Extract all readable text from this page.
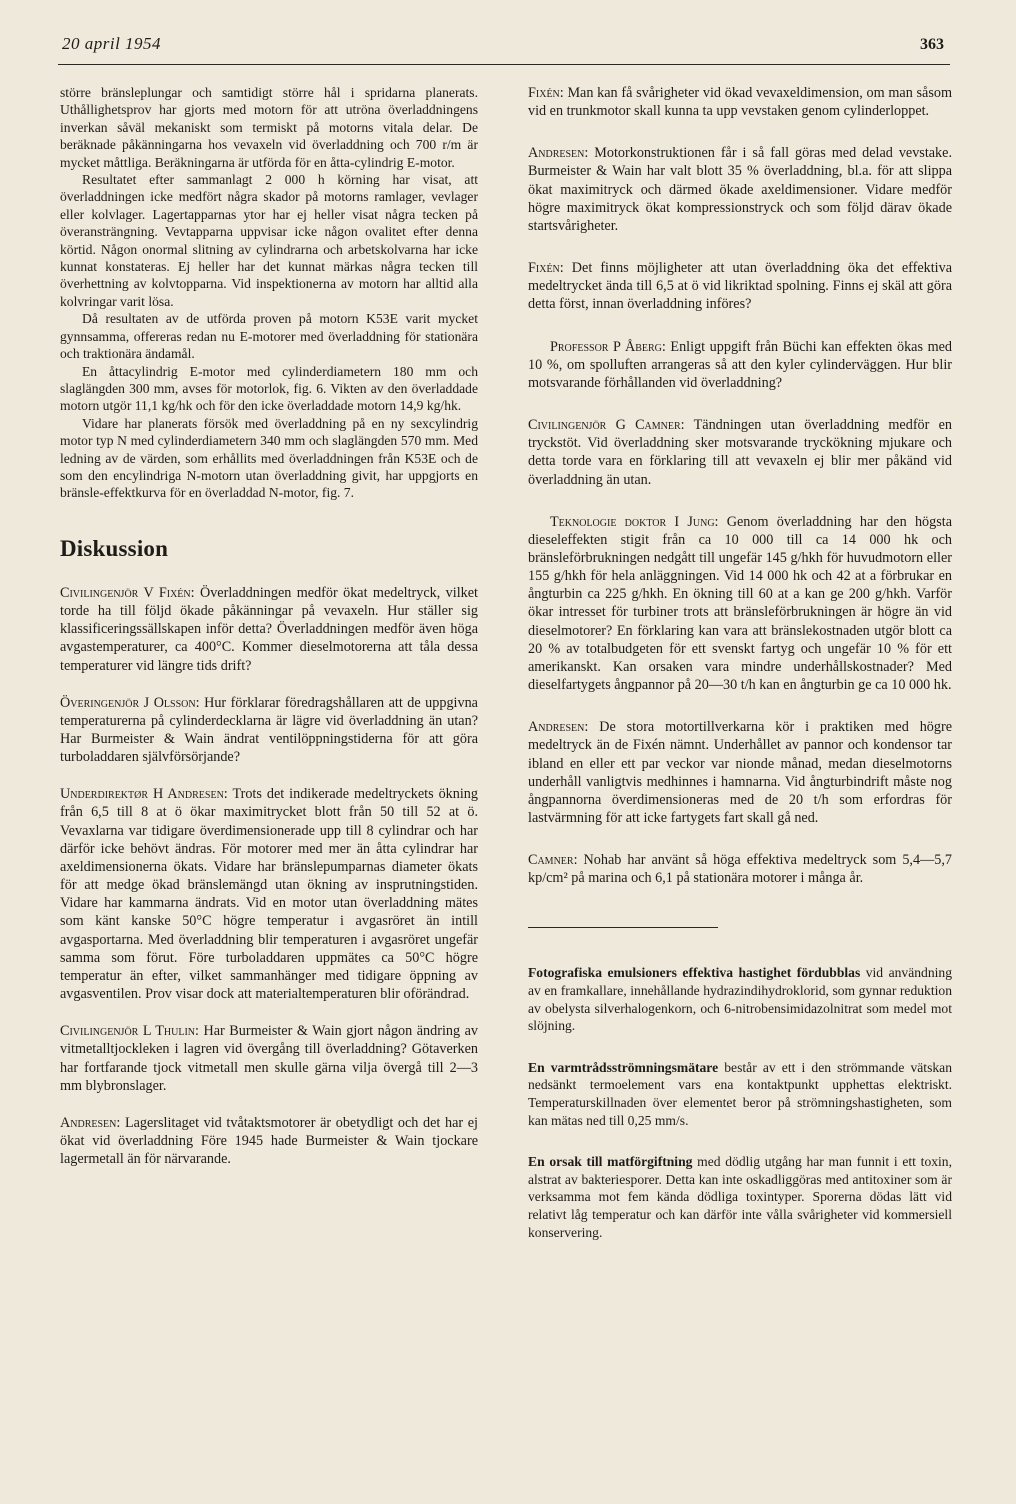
20 april 1954	363

större bränsleplungar och samtidigt större hål i spridarna planerats. Uthållighetsprov har gjorts med motorn för att utröna överladdningens inverkan såväl mekaniskt som termiskt på motorns vitala delar. De beräknade påkänningarna hos vevaxeln vid överladdning och 700 r/m är mycket måttliga. Beräkningarna är utförda för en åtta-cylindrig E-motor.

Resultatet efter sammanlagt 2 000 h körning har visat, att överladdningen icke medfört några skador på motorns ramlager, vevlager eller kolvlager. Lagertapparnas ytor har ej heller visat några tecken på överansträngning. Vevtapparna uppvisar icke någon ovalitet efter denna körtid. Någon onormal slitning av cylindrarna och arbetskolvarna har icke kunnat konstateras. Ej heller har det kunnat märkas några tecken till överhettning av kolvtopparna. Vid inspektionerna av motorn har alltid alla kolvringar varit lösa.

Då resultaten av de utförda proven på motorn K53E varit mycket gynnsamma, offereras redan nu E-motorer med överladdning för stationära och traktionära ändamål.

En åttacylindrig E-motor med cylinderdiametern 180 mm och slaglängden 300 mm, avses för motorlok, fig. 6. Vikten av den överladdade motorn utgör 11,1 kg/hk och för den icke överladdade motorn 14,9 kg/hk.

Vidare har planerats försök med överladdning på en ny sexcylindrig motor typ N med cylinderdiametern 340 mm och slaglängden 570 mm. Med ledning av de värden, som erhållits med överladdningen från K53E och de som den encylindriga N-motorn utan överladdning givit, har uppgjorts en bränsle-effektkurva för en överladdad N-motor, fig. 7.

Diskussion

Civilingenjör V Fixén: Överladdningen medför ökat medeltryck, vilket torde ha till följd ökade påkänningar på vevaxeln. Hur ställer sig klassificeringssällskapen inför detta? Överladdningen medför även höga avgastemperaturer, ca 400°C. Kommer dieselmotorerna att tåla dessa temperaturer vid längre tids drift?

Överingenjör J Olsson: Hur förklarar föredragshållaren att de uppgivna temperaturerna på cylinderdecklarna är lägre vid överladdning än utan? Har Burmeister & Wain ändrat ventilöppningstiderna för att göra turboladdaren självförsörjande?

Underdirektør H Andresen: Trots det indikerade medeltryckets ökning från 6,5 till 8 at ö ökar maximitrycket blott från 50 till 52 at ö. Vevaxlarna var tidigare överdimensionerade upp till 8 cylindrar och har därför icke behövt ändras. För motorer med mer än åtta cylindrar har axeldimensionerna ökats. Vidare har bränslepumparnas diameter ökats för att medge ökad bränslemängd utan ökning av insprutningstiden. Vidare har kammarna ändrats. Vid en motor utan överladdning mätes som känt kanske 50°C högre temperatur i avgasröret än intill avgasportarna. Med överladdning blir temperaturen i avgasröret ungefär samma som förut. Före turboladdaren uppmätes ca 50°C högre temperatur än efter, vilket sammanhänger med tidigare öppning av avgasventilen. Prov visar dock att materialtemperaturen blir oförändrad.

Civilingenjör L Thulin: Har Burmeister & Wain gjort någon ändring av vitmetalltjockleken i lagren vid övergång till överladdning? Götaverken har fortfarande tjock vitmetall men skulle gärna vilja övergå till 2—3 mm blybronslager.

Andresen: Lagerslitaget vid tvåtaktsmotorer är obetydligt och det har ej ökat vid överladdning Före 1945 hade Burmeister & Wain tjockare lagermetall än för närvarande.

Fixén: Man kan få svårigheter vid ökad vevaxeldimension, om man såsom vid en trunkmotor skall kunna ta upp vevstaken genom cylinderloppet.

Andresen: Motorkonstruktionen får i så fall göras med delad vevstake. Burmeister & Wain har valt blott 35 % överladdning, bl.a. för att slippa ökat maximitryck och därmed ökade axeldimensioner. Vidare medför högre maximitryck ökat kompressionstryck och som följd därav ökade startsvårigheter.

Fixén: Det finns möjligheter att utan överladdning öka det effektiva medeltrycket ända till 6,5 at ö vid likriktad spolning. Finns ej skäl att göra detta först, innan överladdning införes?

Professor P Åberg: Enligt uppgift från Büchi kan effekten ökas med 10 %, om spolluften arrangeras så att den kyler cylinderväggen. Hur blir motsvarande förhållanden vid överladdning?

Civilingenjör G Camner: Tändningen utan överladdning medför en tryckstöt. Vid överladdning sker motsvarande tryckökning mjukare och detta torde vara en förklaring till att vevaxeln ej blir mer påkänd vid överladdning än utan.

Teknologie doktor I Jung: Genom överladdning har den högsta dieseleffekten stigit från ca 10 000 till ca 14 000 hk och bränsleförbrukningen nedgått till ungefär 145 g/hkh för huvudmotorn eller 155 g/hkh för hela anläggningen. Vid 14 000 hk och 42 at a förbrukar en ångturbin ca 225 g/hkh. En ökning till 60 at a kan ge 200 g/hkh. Varför ökar intresset för turbiner trots att bränsleförbrukningen är högre än vid dieselmotorer? En förklaring kan vara att bränslekostnaden utgör blott ca 20 % av totalbudgeten för ett svenskt fartyg och ungefär 10 % för ett amerikanskt. Kan orsaken vara mindre underhållskostnader? Med dieselfartygets ångpannor på 20—30 t/h kan en ångturbin ge ca 10 000 hk.

Andresen: De stora motortillverkarna kör i praktiken med högre medeltryck än de Fixén nämnt. Underhållet av pannor och kondensor tar ibland en eller ett par veckor var nionde månad, medan dieselmotorns underhåll vanligtvis medhinnes i hamnarna. Vid ångturbindrift måste nog ångpannorna överdimensioneras med de 20 t/h som erfordras för lastvärmning för att icke fartygets fart skall gå ned.

Camner: Nohab har använt så höga effektiva medeltryck som 5,4—5,7 kp/cm² på marina och 6,1 på stationära motorer i många år.

Fotografiska emulsioners effektiva hastighet fördubblas vid användning av en framkallare, innehållande hydrazindihydroklorid, som gynnar reduktion av obelysta silverhalogenkorn, och 6-nitrobensimidazolnitrat som medel mot slöjning.

En varmtrådsströmningsmätare består av ett i den strömmande vätskan nedsänkt termoelement vars ena kontaktpunkt upphettas elektriskt. Temperaturskillnaden över elementet beror på strömningshastigheten, som kan mätas ned till 0,25 mm/s.

En orsak till matförgiftning med dödlig utgång har man funnit i ett toxin, alstrat av bakteriesporer. Detta kan inte oskadliggöras med antitoxiner som är verksamma mot fem kända dödliga toxintyper. Sporerna dödas lätt vid relativt låg temperatur och kan därför inte vålla svårigheter vid kommersiell konservering.
